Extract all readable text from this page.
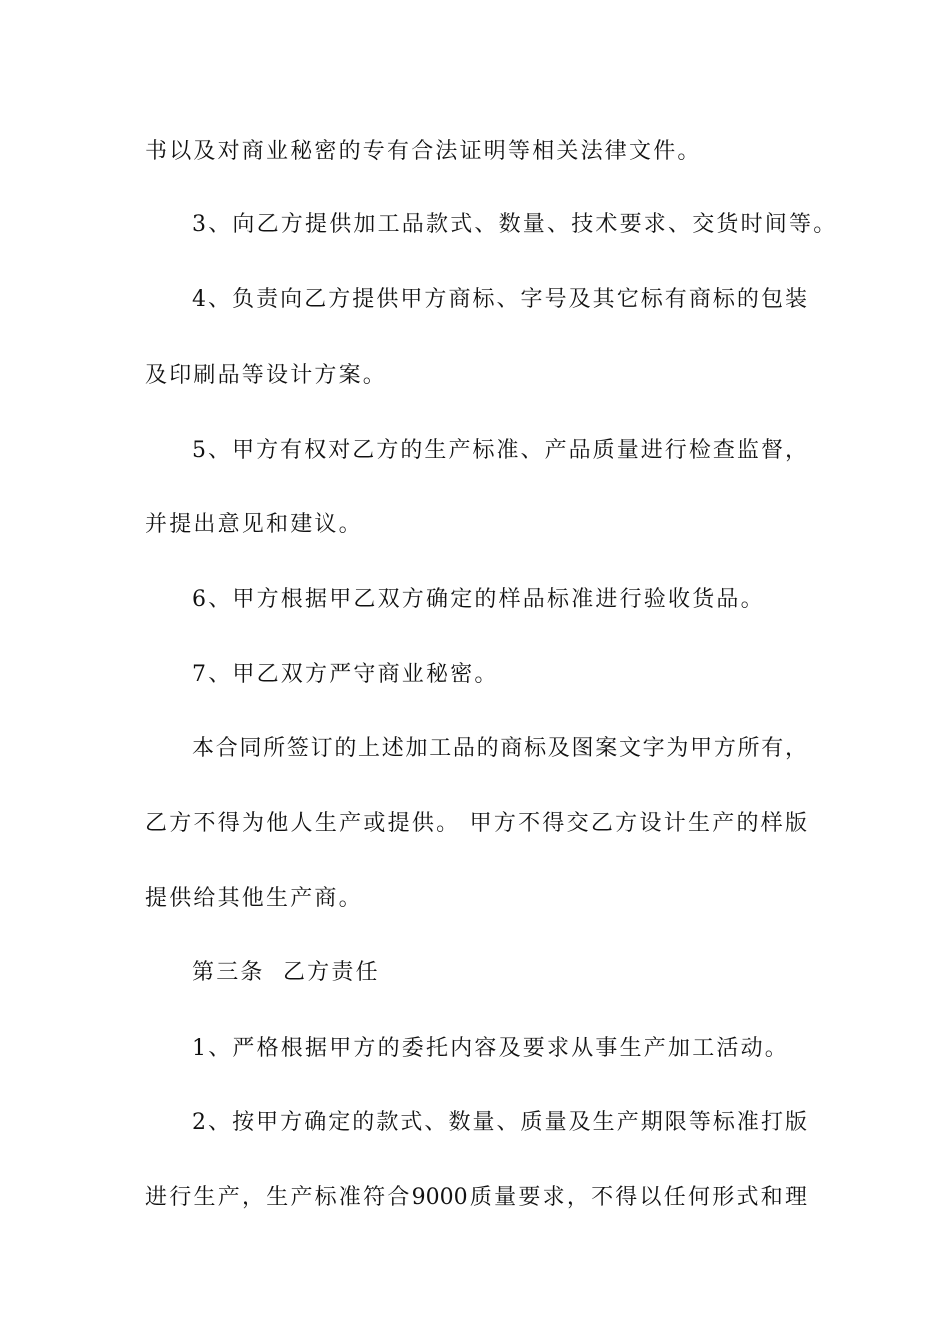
书以及对商业秘密的专有合法证明等相关法律文件。
3、向乙方提供加工品款式、数量、技术要求、交货时间等。
4、负责向乙方提供甲方商标、字号及其它标有商标的包装
及印刷品等设计方案。
5、甲方有权对乙方的生产标准、产品质量进行检查监督，
并提出意见和建议。
6、甲方根据甲乙双方确定的样品标准进行验收货品。
7、甲乙双方严守商业秘密。
本合同所签订的上述加工品的商标及图案文字为甲方所有，
乙方不得为他人生产或提供。 甲方不得交乙方设计生产的样版
提供给其他生产商。
第三条  乙方责任
1、严格根据甲方的委托内容及要求从事生产加工活动。
2、按甲方确定的款式、数量、质量及生产期限等标准打版
进行生产，生产标准符合9000质量要求，不得以任何形式和理
